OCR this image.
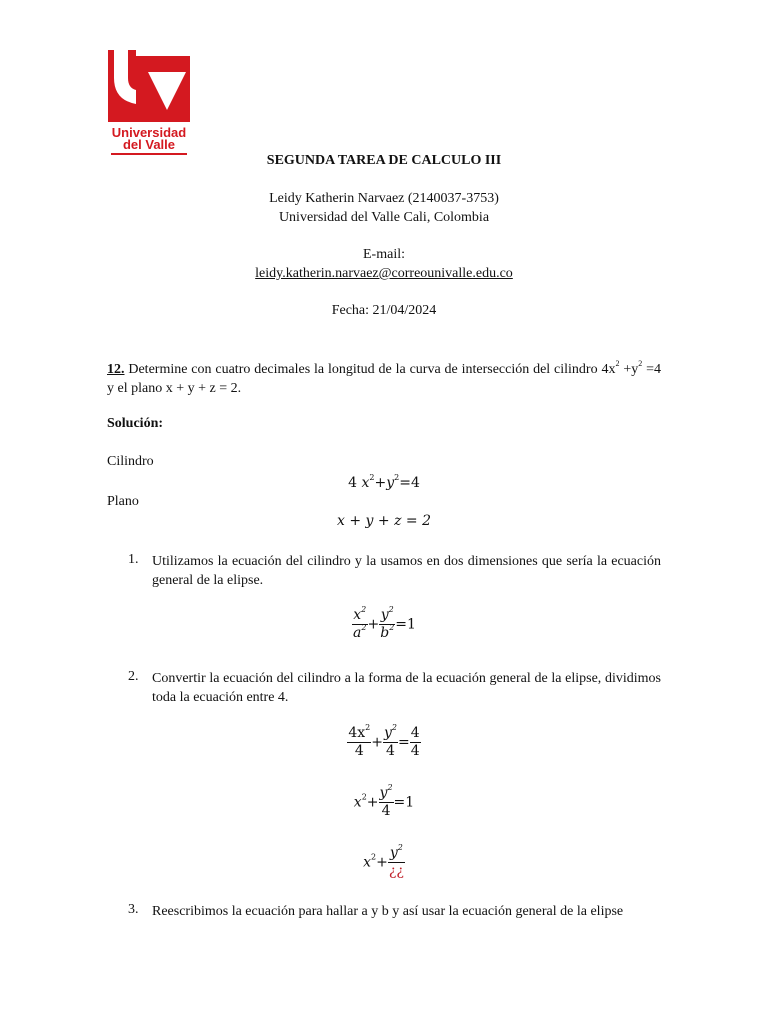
Universidad
del Valle
SEGUNDA TAREA DE CALCULO III
Leidy Katherin Narvaez (2140037-3753)
Universidad del Valle Cali, Colombia
E-mail:
leidy.katherin.narvaez@correounivalle.edu.co
Fecha: 21/04/2024
12. Determine con cuatro decimales la longitud de la curva de intersección del cilindro $4x^2 +y^2 =4$ y el plano x + y + z = 2.
Solución:
Cilindro
4 $x^2+y^2=4$
Plano
x + y + z = 2
1. Utilizamos la ecuación del cilindro y la usamos en dos dimensiones que sería la ecuación general de la elipse.
$\frac{x^2}{a^2} + \frac{y^2}{b^2} =1$
2. Convertir la ecuación del cilindro a la forma de la ecuación general de la elipse, dividimos toda la ecuación entre 4.
$\frac{4x^2}{4} + \frac{y^2}{4} = \frac{4}{4}$
$x^2+ \frac{y^2}{4} =1$
$x^2+ \frac{y^2}{¿¿}$
3. Reescribimos la ecuación para hallar a y b y así usar la ecuación general de la elipse
